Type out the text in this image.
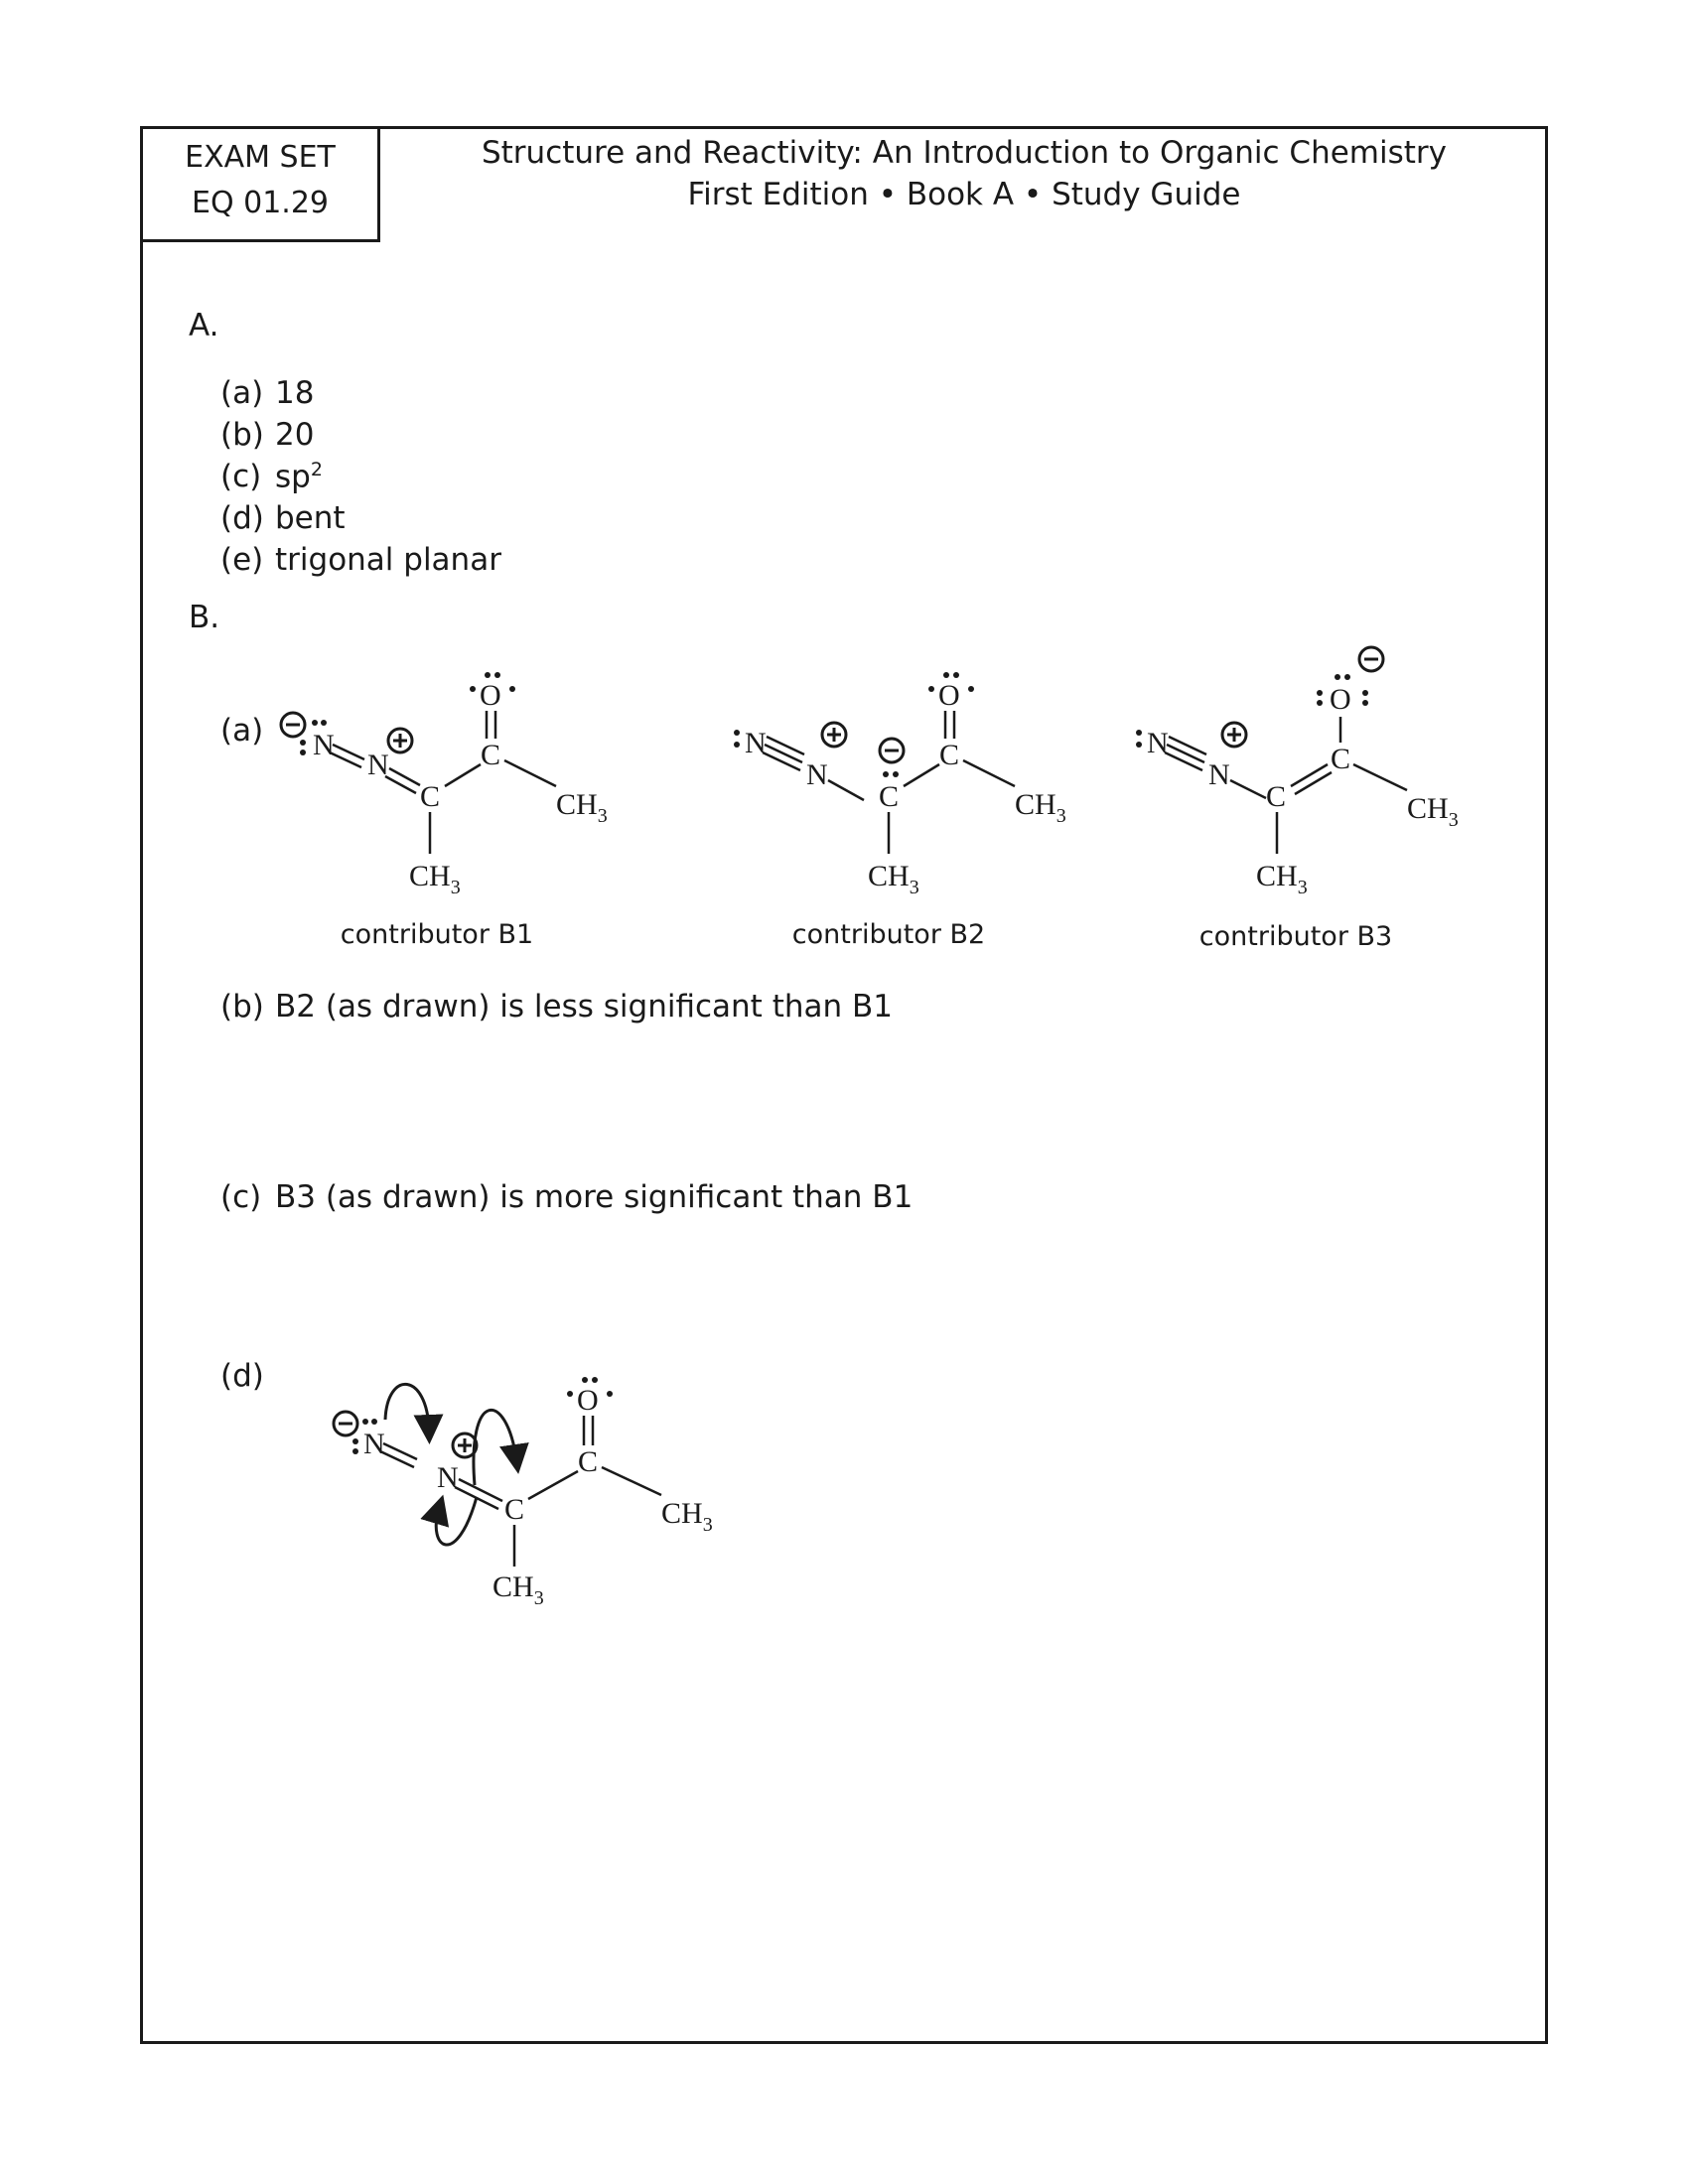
EXAM SET
EQ 01.29
Structure and Reactivity: An Introduction to Organic Chemistry
First Edition • Book A • Study Guide
A.
(a) 18
(b) 20
(c) $sp^2$
(d) bent
(e) trigonal planar
B.
(a) N
N
C
$CH_3$
C
O
$CH_3$
contributor B1
N
N
C
$CH_3$
C
O
$CH_3$
contributor B2
N
N
C
$CH_3$
C
O
$CH_3$
contributor B3
(b) B2 (as drawn) is less significant than B1
(c) B3 (as drawn) is more significant than B1
(d)
N
N
C
$CH_3$
C
O
$CH_3$
